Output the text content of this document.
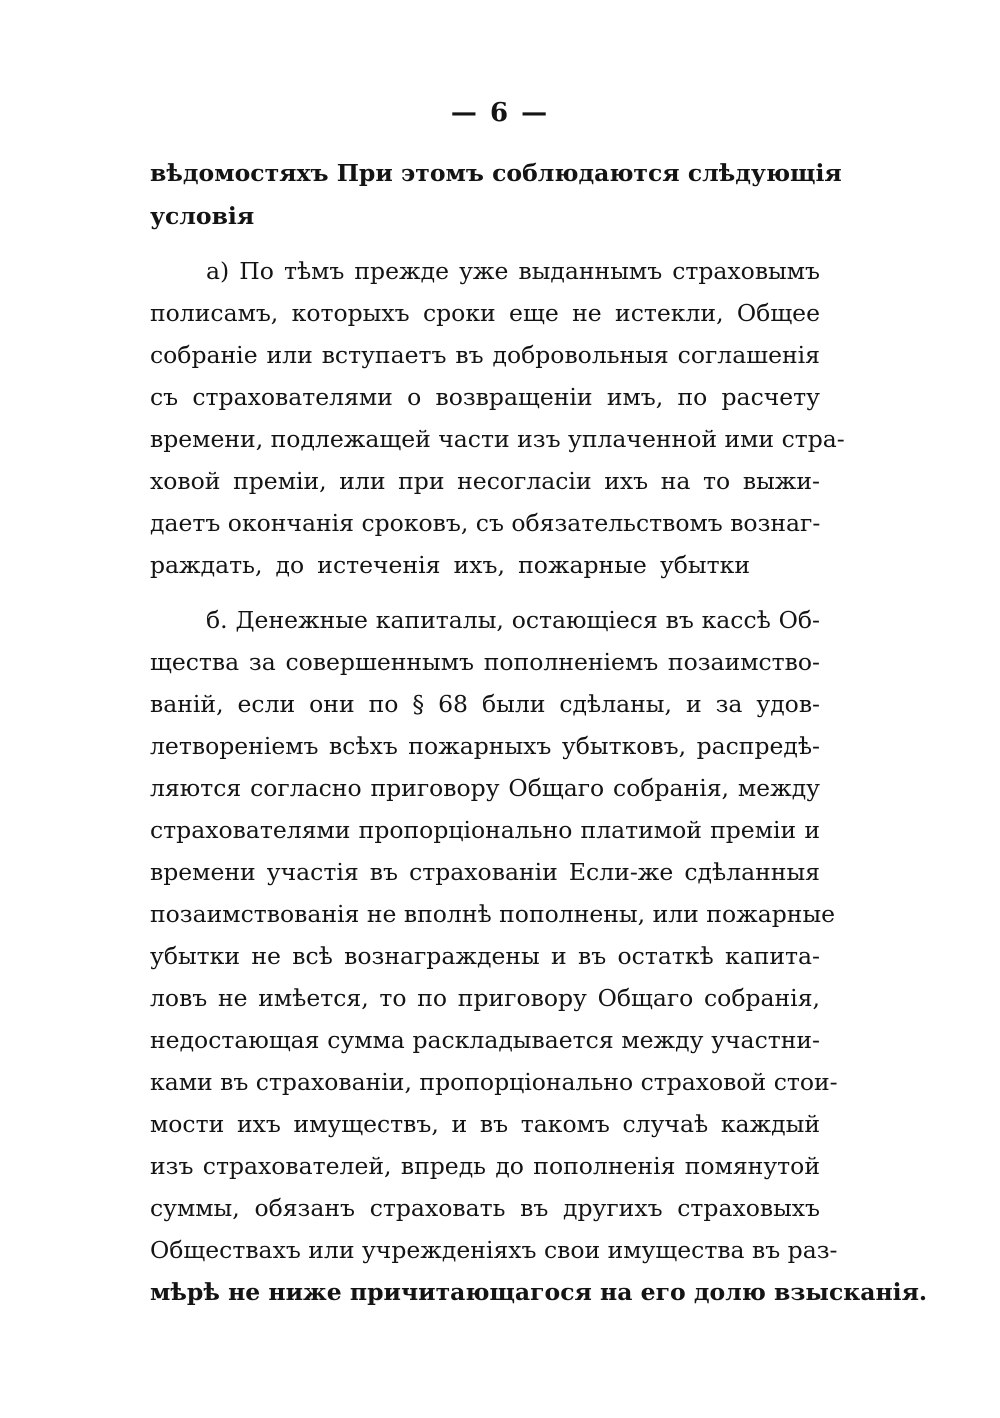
— 6 —
вѣдомостяхъ При этомъ соблюдаются слѣдующія
условія
а) По тѣмъ прежде уже выданнымъ страховымъ
полисамъ, которыхъ сроки еще не истекли, Общее
собраніе или вступаетъ въ добровольныя соглашенія
съ страхователями о возвращеніи имъ, по расчету
времени, подлежащей части изъ уплаченной ими стра-
ховой преміи, или при несогласіи ихъ на то выжи-
даетъ окончанія сроковъ, съ обязательствомъ вознаг-
раждать, до истеченія ихъ, пожарные убытки
б. Денежные капиталы, остающіеся въ кассѣ Об-
щества за совершеннымъ пополненіемъ позаимство-
ваній, если они по § 68 были сдѣланы, и за удов-
летвореніемъ всѣхъ пожарныхъ убытковъ, распредѣ-
ляются согласно приговору Общаго собранія, между
страхователями пропорціонально платимой преміи и
времени участія въ страхованіи Если-же сдѣланныя
позаимствованія не вполнѣ пополнены, или пожарные
убытки не всѣ вознаграждены и въ остаткѣ капита-
ловъ не имѣется, то по приговору Общаго собранія,
недостающая сумма раскладывается между участни-
ками въ страхованіи, пропорціонально страховой стои-
мости ихъ имуществъ, и въ такомъ случаѣ каждый
изъ страхователей, впредь до пополненія помянутой
суммы, обязанъ страховать въ другихъ страховыхъ
Обществахъ или учрежденіяхъ свои имущества въ раз-
мѣрѣ не ниже причитающагося на его долю взысканія.
